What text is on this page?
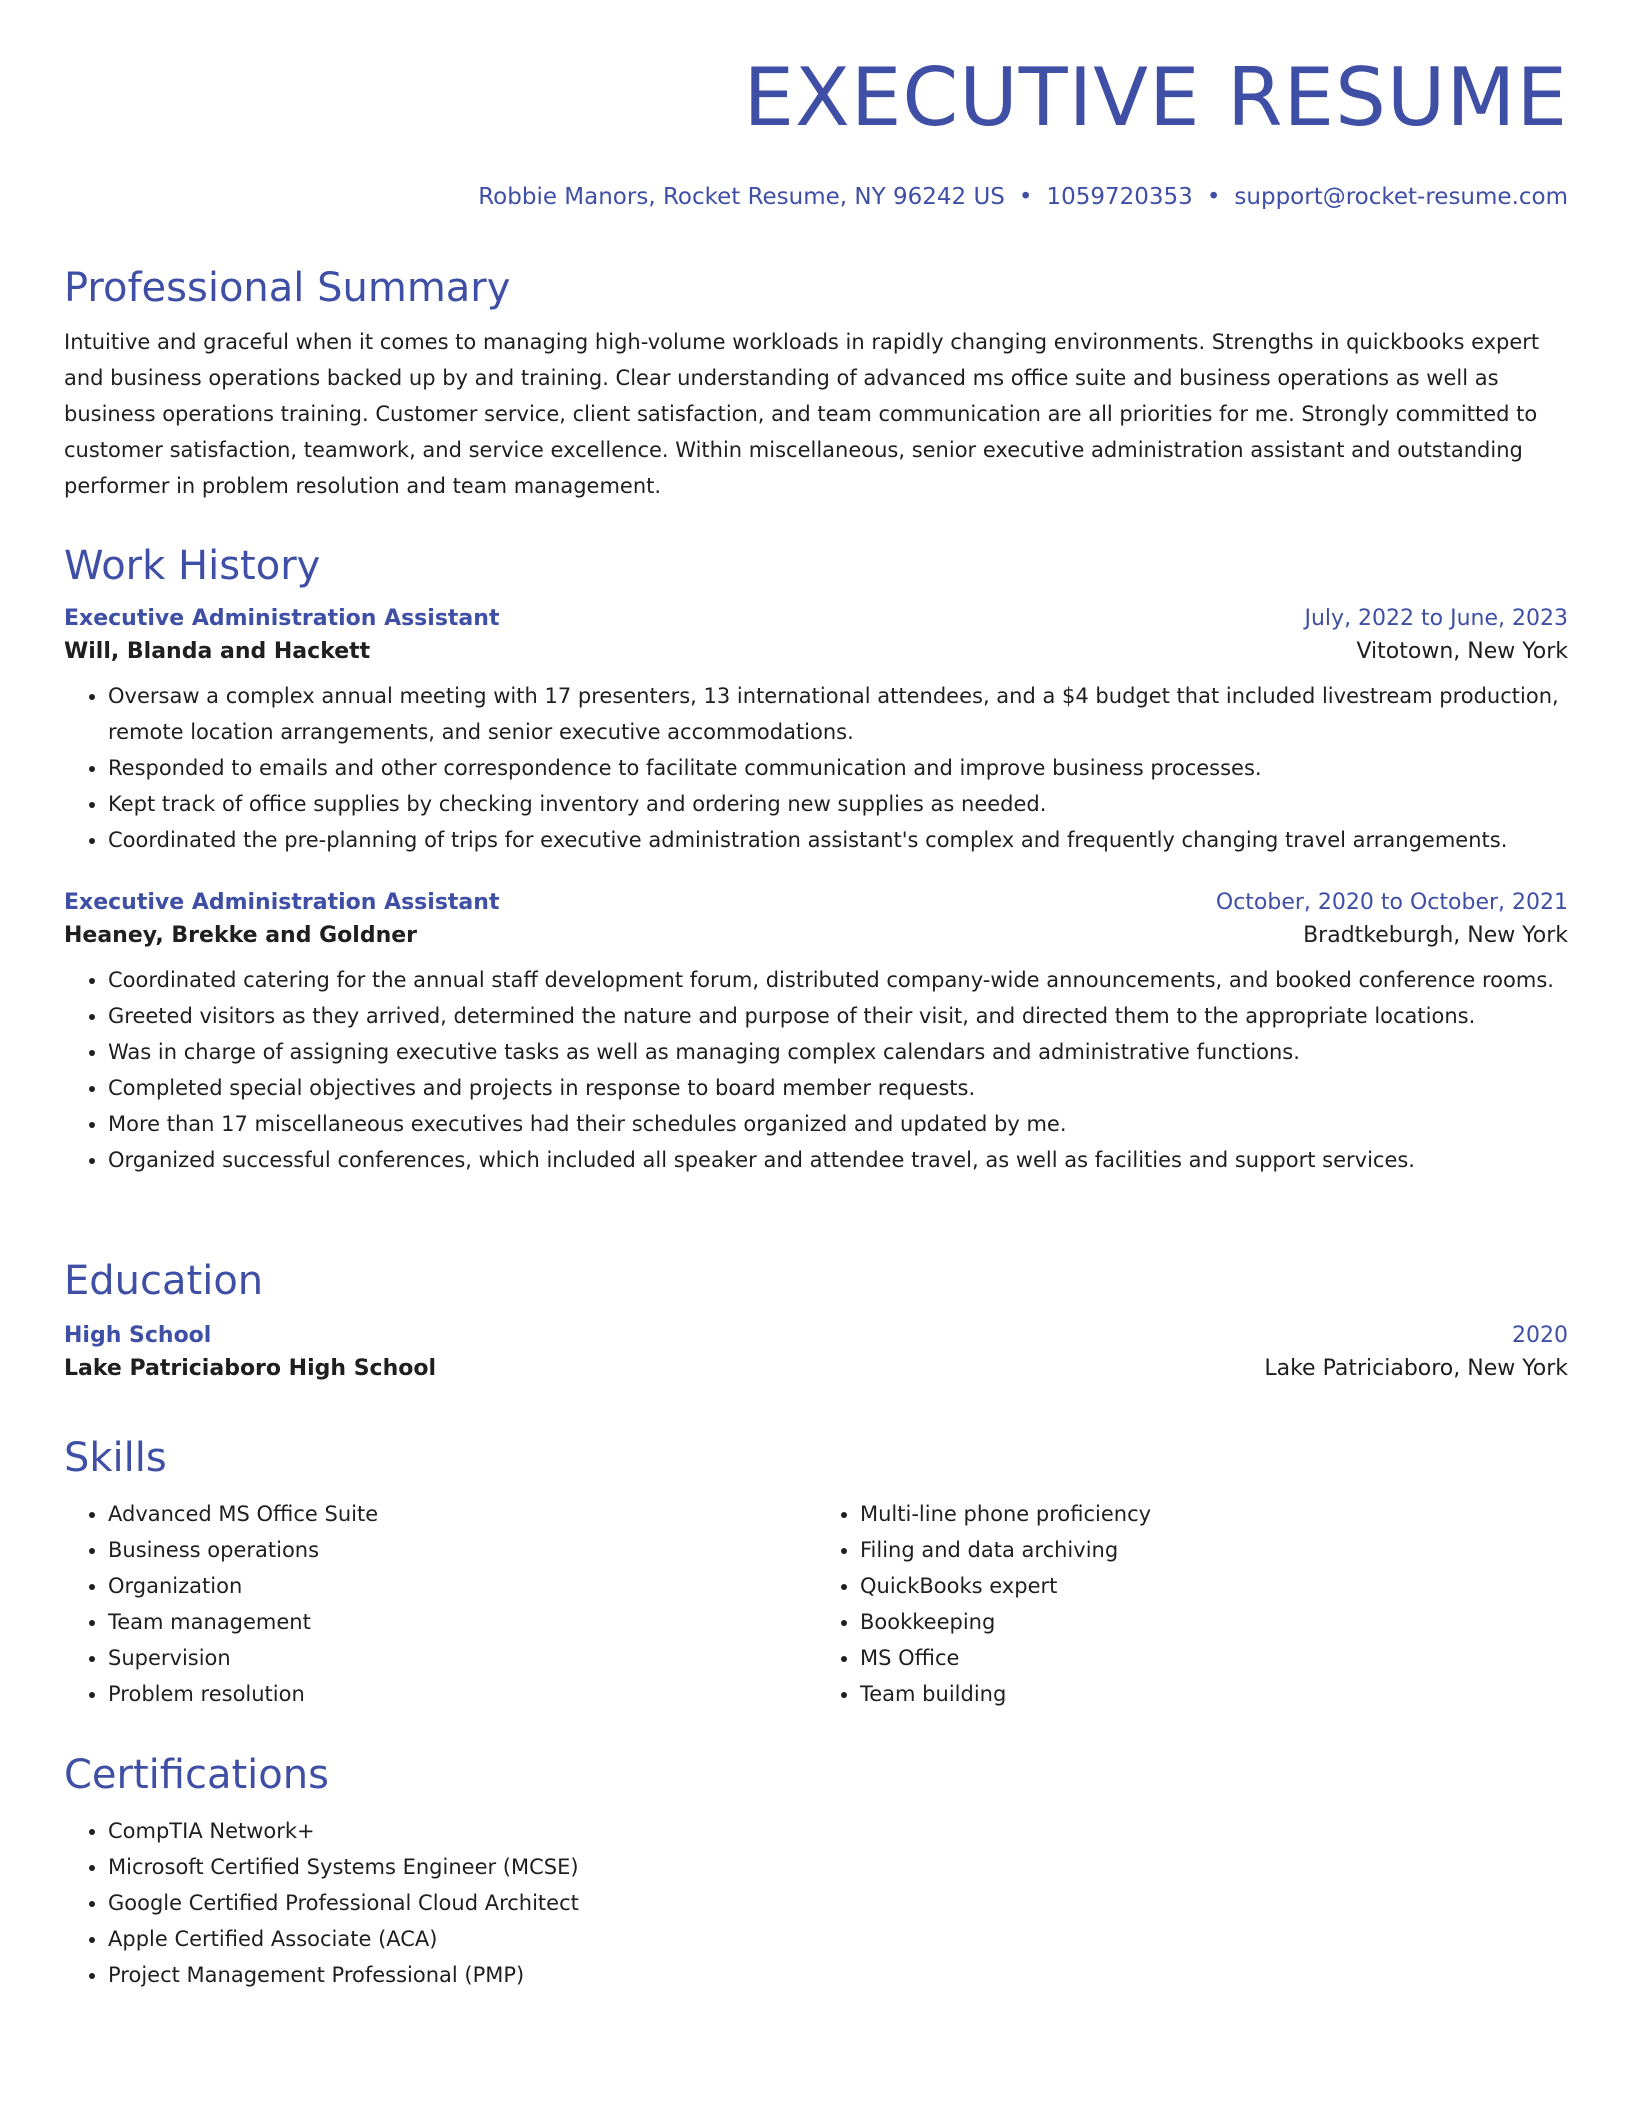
EXECUTIVE RESUME
Robbie Manors, Rocket Resume, NY 96242 US • 1059720353 • support@rocket-resume.com
Professional Summary

Intuitive and graceful when it comes to managing high-volume workloads in rapidly changing environments. Strengths in quickbooks expert and business operations backed up by and training. Clear understanding of advanced ms office suite and business operations as well as business operations training. Customer service, client satisfaction, and team communication are all priorities for me. Strongly committed to customer satisfaction, teamwork, and service excellence. Within miscellaneous, senior executive administration assistant and outstanding performer in problem resolution and team management.

Work History
Executive Administration Assistant	July, 2022 to June, 2023
Will, Blanda and Hackett	Vitotown, New York
• Oversaw a complex annual meeting with 17 presenters, 13 international attendees, and a $4 budget that included livestream production, remote location arrangements, and senior executive accommodations.
• Responded to emails and other correspondence to facilitate communication and improve business processes.
• Kept track of office supplies by checking inventory and ordering new supplies as needed.
• Coordinated the pre-planning of trips for executive administration assistant's complex and frequently changing travel arrangements.
Executive Administration Assistant	October, 2020 to October, 2021
Heaney, Brekke and Goldner	Bradtkeburgh, New York
• Coordinated catering for the annual staff development forum, distributed company-wide announcements, and booked conference rooms.
• Greeted visitors as they arrived, determined the nature and purpose of their visit, and directed them to the appropriate locations.
• Was in charge of assigning executive tasks as well as managing complex calendars and administrative functions.
• Completed special objectives and projects in response to board member requests.
• More than 17 miscellaneous executives had their schedules organized and updated by me.
• Organized successful conferences, which included all speaker and attendee travel, as well as facilities and support services.
Education
High School	2020
Lake Patriciaboro High School	Lake Patriciaboro, New York
Skills
• Advanced MS Office Suite
• Business operations
• Organization
• Team management
• Supervision
• Problem resolution
• Multi-line phone proficiency
• Filing and data archiving
• QuickBooks expert
• Bookkeeping
• MS Office
• Team building
Certifications
• CompTIA Network+
• Microsoft Certified Systems Engineer (MCSE)
• Google Certified Professional Cloud Architect
• Apple Certified Associate (ACA)
• Project Management Professional (PMP)
